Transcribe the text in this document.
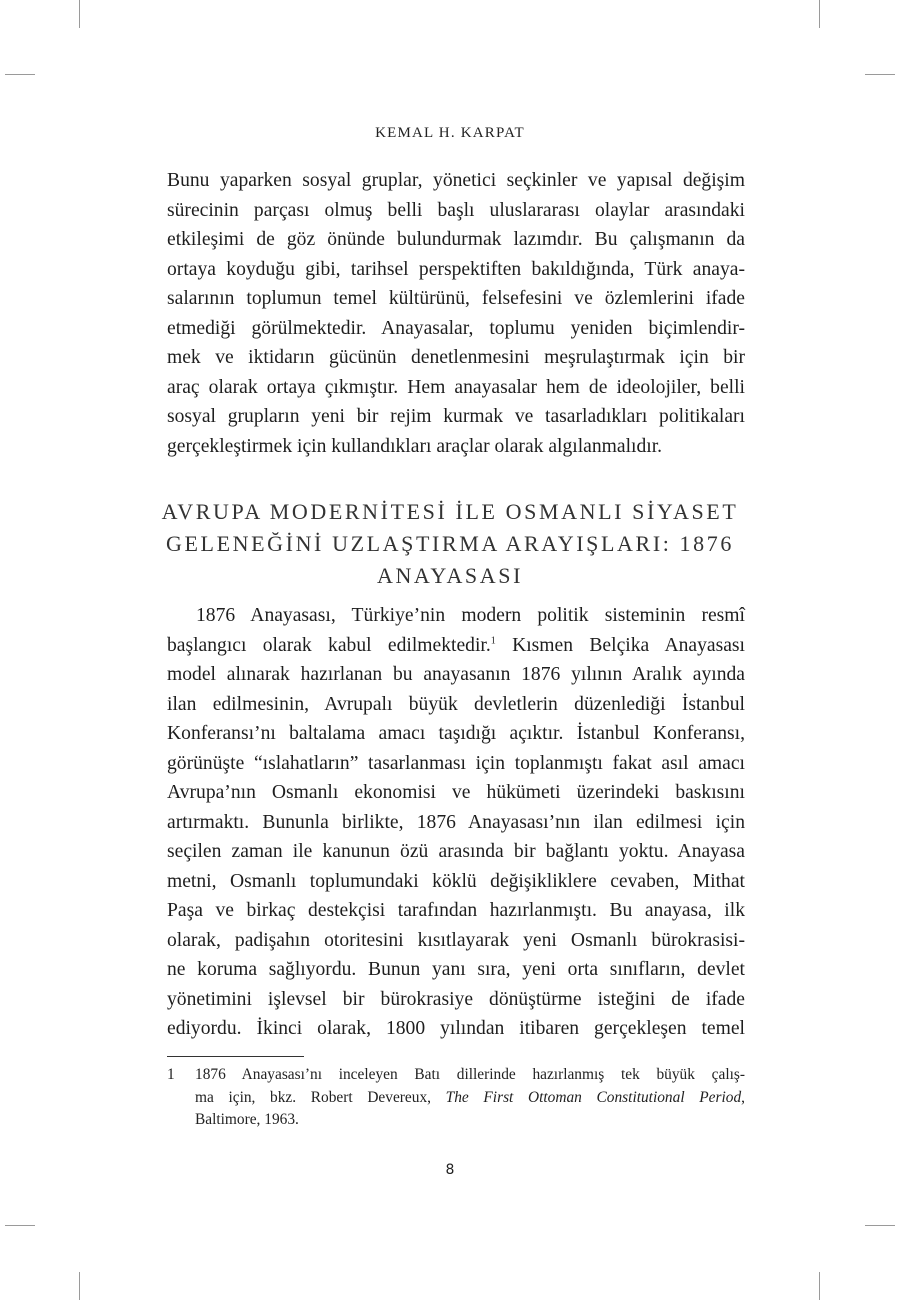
KEMAL H. KARPAT
Bunu yaparken sosyal gruplar, yönetici seçkinler ve yapısal değişim
sürecinin parçası olmuş belli başlı uluslararası olaylar arasındaki
etkileşimi de göz önünde bulundurmak lazımdır. Bu çalışmanın da
ortaya koyduğu gibi, tarihsel perspektiften bakıldığında, Türk anaya-
salarının toplumun temel kültürünü, felsefesini ve özlemlerini ifade
etmediği görülmektedir. Anayasalar, toplumu yeniden biçimlendir-
mek ve iktidarın gücünün denetlenmesini meşrulaştırmak için bir
araç olarak ortaya çıkmıştır. Hem anayasalar hem de ideolojiler, belli
sosyal grupların yeni bir rejim kurmak ve tasarladıkları politikaları
gerçekleştirmek için kullandıkları araçlar olarak algılanmalıdır.
AVRUPA MODERNİTESİ İLE OSMANLI SİYASET
GELENEĞİNİ UZLAŞTIRMA ARAYIŞLARI: 1876
ANAYASASI
1876 Anayasası, Türkiye’nin modern politik sisteminin resmî
başlangıcı olarak kabul edilmektedir.$^1$ Kısmen Belçika Anayasası
model alınarak hazırlanan bu anayasanın 1876 yılının Aralık ayında
ilan edilmesinin, Avrupalı büyük devletlerin düzenlediği İstanbul
Konferansı’nı baltalama amacı taşıdığı açıktır. İstanbul Konferansı,
görünüşte “ıslahatların” tasarlanması için toplanmıştı fakat asıl amacı
Avrupa’nın Osmanlı ekonomisi ve hükümeti üzerindeki baskısını
artırmaktı. Bununla birlikte, 1876 Anayasası’nın ilan edilmesi için
seçilen zaman ile kanunun özü arasında bir bağlantı yoktu. Anayasa
metni, Osmanlı toplumundaki köklü değişikliklere cevaben, Mithat
Paşa ve birkaç destekçisi tarafından hazırlanmıştı. Bu anayasa, ilk
olarak, padişahın otoritesini kısıtlayarak yeni Osmanlı bürokrasisi-
ne koruma sağlıyordu. Bunun yanı sıra, yeni orta sınıfların, devlet
yönetimini işlevsel bir bürokrasiye dönüştürme isteğini de ifade
ediyordu. İkinci olarak, 1800 yılından itibaren gerçekleşen temel
1 1876 Anayasası’nı inceleyen Batı dillerinde hazırlanmış tek büyük çalış-
ma için, bkz. Robert Devereux, The First Ottoman Constitutional Period,
Baltimore, 1963.
8
